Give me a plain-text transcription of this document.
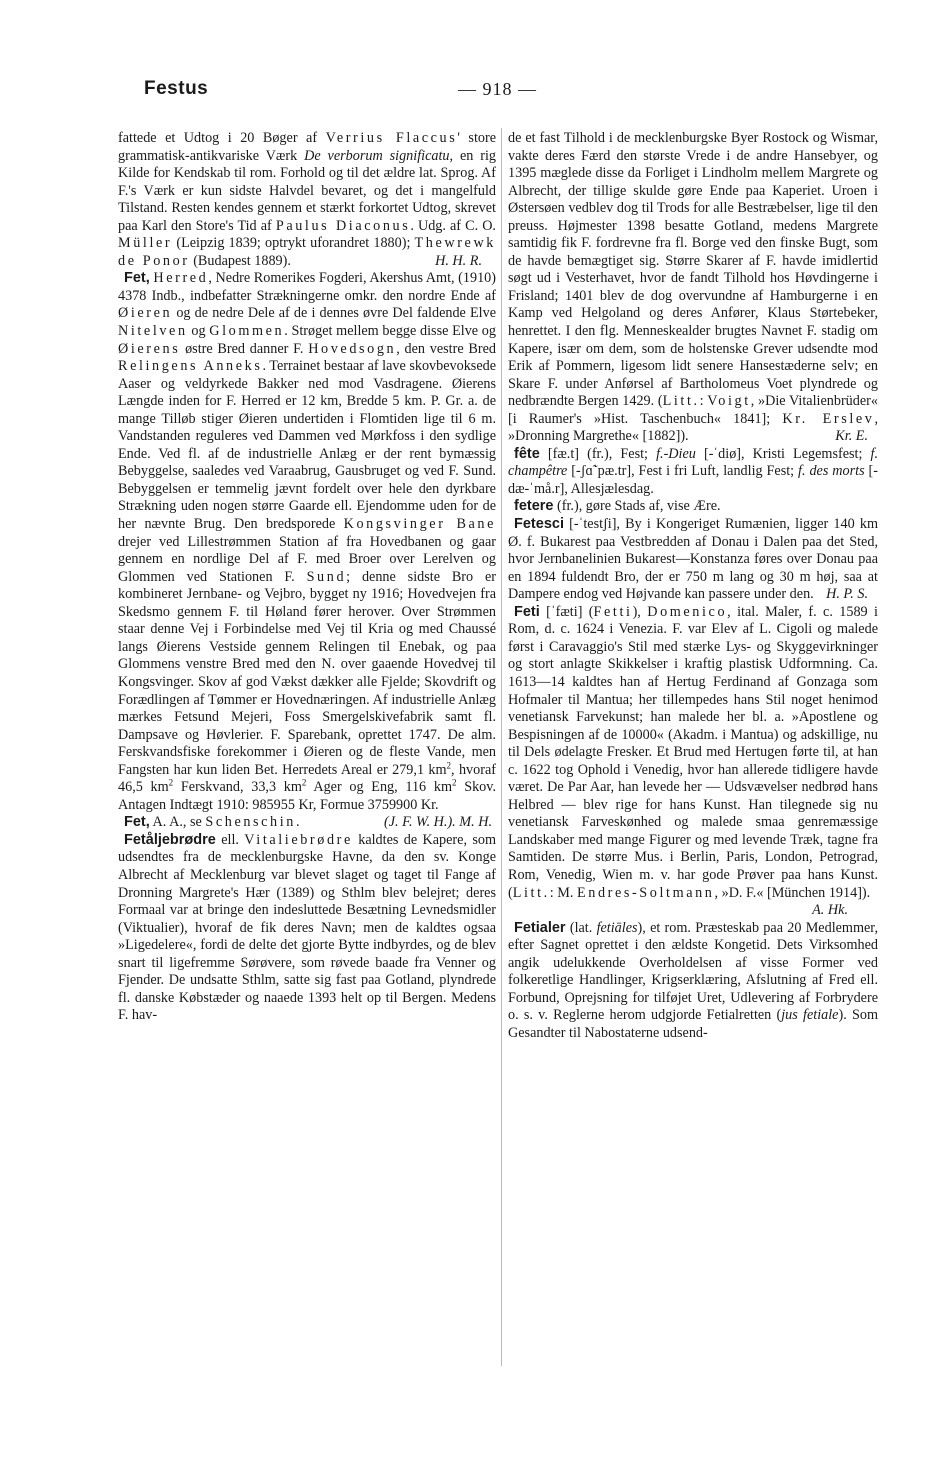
Festus	— 918 —

fattede et Udtog i 20 Bøger af Verrius Flaccus' store grammatisk-antikvariske Værk De verborum significatu, en rig Kilde for Kendskab til rom. Forhold og til det ældre lat. Sprog. Af F.'s Værk er kun sidste Halvdel bevaret, og det i mangelfuld Tilstand. Resten kendes gennem et stærkt forkortet Udtog, skrevet paa Karl den Store's Tid af Paulus Diaconus. Udg. af C. O. Müller (Leipzig 1839; optrykt uforandret 1880); Thewrewk de Ponor (Budapest 1889).	H. H. R.

Fet, Herred, Nedre Romerikes Fogderi, Akershus Amt, (1910) 4378 Indb., indbefatter Strækningerne omkr. den nordre Ende af Øieren og de nedre Dele af de i dennes øvre Del faldende Elve Nitelven og Glommen. Strøget mellem begge disse Elve og Øierens østre Bred danner F. Hovedsogn, den vestre Bred Relingens Anneks. Terrainet bestaar af lave skovbevoksede Aaser og veldyrkede Bakker ned mod Vasdragene. Øierens Længde inden for F. Herred er 12 km, Bredde 5 km. P. Gr. a. de mange Tilløb stiger Øieren undertiden i Flomtiden lige til 6 m. Vandstanden reguleres ved Dammen ved Mørkfoss i den sydlige Ende. Ved fl. af de industrielle Anlæg er der rent bymæssig Bebyggelse, saaledes ved Varaabrug, Gausbruget og ved F. Sund. Bebyggelsen er temmelig jævnt fordelt over hele den dyrkbare Strækning uden nogen større Gaarde ell. Ejendomme uden for de her nævnte Brug. Den bredsporede Kongsvinger Bane drejer ved Lillestrømmen Station af fra Hovedbanen og gaar gennem en nordlige Del af F. med Broer over Lerelven og Glommen ved Stationen F. Sund; denne sidste Bro er kombineret Jernbane- og Vejbro, bygget ny 1916; Hovedvejen fra Skedsmo gennem F. til Høland fører herover. Over Strømmen staar denne Vej i Forbindelse med Vej til Kria og med Chaussé langs Øierens Vestside gennem Relingen til Enebak, og paa Glommens venstre Bred med den N. over gaaende Hovedvej til Kongsvinger. Skov af god Vækst dækker alle Fjelde; Skovdrift og Forædlingen af Tømmer er Hovednæringen. Af industrielle Anlæg mærkes Fetsund Mejeri, Foss Smergelskivefabrik samt fl. Dampsave og Høvlerier. F. Sparebank, oprettet 1747. De alm. Ferskvandsfiske forekommer i Øieren og de fleste Vande, men Fangsten har kun liden Bet. Herredets Areal er 279,1 $km^2$, hvoraf 46,5 $km^2$ Ferskvand, 33,3 $km^2$ Ager og Eng, 116 $km^2$ Skov. Antagen Indtægt 1910: 985955 Kr, Formue 3759900 Kr.
(J. F. W. H.). M. H.

Fet, A. A., se Schenschin.

Fetåljebrødre ell. Vitaliebrødre kaldtes de Kapere, som udsendtes fra de mecklenburgske Havne, da den sv. Konge Albrecht af Mecklenburg var blevet slaget og taget til Fange af Dronning Margrete's Hær (1389) og Sthlm blev belejret; deres Formaal var at bringe den indesluttede Besætning Levnedsmidler (Viktualier), hvoraf de fik deres Navn; men de kaldtes ogsaa »Ligedelere«, fordi de delte det gjorte Bytte indbyrdes, og de blev snart til ligefremme Sørøvere, som røvede baade fra Venner og Fjender. De undsatte Sthlm, satte sig fast paa Gotland, plyndrede fl. danske Købstæder og naaede 1393 helt op til Bergen. Medens F. hav-

de et fast Tilhold i de mecklenburgske Byer Rostock og Wismar, vakte deres Færd den største Vrede i de andre Hansebyer, og 1395 mæglede disse da Forliget i Lindholm mellem Margrete og Albrecht, der tillige skulde gøre Ende paa Kaperiet. Uroen i Østersøen vedblev dog til Trods for alle Bestræbelser, lige til den preuss. Højmester 1398 besatte Gotland, medens Margrete samtidig fik F. fordrevne fra fl. Borge ved den finske Bugt, som de havde bemægtiget sig. Større Skarer af F. havde imidlertid søgt ud i Vesterhavet, hvor de fandt Tilhold hos Høvdingerne i Frisland; 1401 blev de dog overvundne af Hamburgerne i en Kamp ved Helgoland og deres Anfører, Klaus Størtebeker, henrettet. I den flg. Menneskealder brugtes Navnet F. stadig om Kapere, især om dem, som de holstenske Grever udsendte mod Erik af Pommern, ligesom lidt senere Hansestæderne selv; en Skare F. under Anførsel af Bartholomeus Voet plyndrede og nedbrændte Bergen 1429. (Litt.: Voigt, »Die Vitalienbrüder« [i Raumer's »Hist. Taschenbuch« 1841]; Kr. Erslev, »Dronning Margrethe« [1882]).	Kr. E.

fête [fæ.t] (fr.), Fest; f.-Dieu [-ˈdiø], Kristi Legemsfest; f. champêtre [-ʃɑ̃ˈpæ.tr], Fest i fri Luft, landlig Fest; f. des morts [-dæ-ˈmå.r], Allesjælesdag.

fetere (fr.), gøre Stads af, vise Ære.

Fetesci [-ˈtestʃi], By i Kongeriget Rumænien, ligger 140 km Ø. f. Bukarest paa Vestbredden af Donau i Dalen paa det Sted, hvor Jernbanelinien Bukarest—Konstanza føres over Donau paa en 1894 fuldendt Bro, der er 750 m lang og 30 m høj, saa at Dampere endog ved Højvande kan passere under den. H. P. S.

Feti [ˈfæti] (Fetti), Domenico, ital. Maler, f. c. 1589 i Rom, d. c. 1624 i Venezia. F. var Elev af L. Cigoli og malede først i Caravaggio's Stil med stærke Lys- og Skyggevirkninger og stort anlagte Skikkelser i kraftig plastisk Udformning. Ca. 1613—14 kaldtes han af Hertug Ferdinand af Gonzaga som Hofmaler til Mantua; her tillempedes hans Stil noget henimod venetiansk Farvekunst; han malede her bl. a. »Apostlene og Bespisningen af de 10000« (Akadm. i Mantua) og adskillige, nu til Dels ødelagte Fresker. Et Brud med Hertugen førte til, at han c. 1622 tog Ophold i Venedig, hvor han allerede tidligere havde været. De Par Aar, han levede her — Udsvævelser nedbrød hans Helbred — blev rige for hans Kunst. Han tilegnede sig nu venetiansk Farveskønhed og malede smaa genremæssige Landskaber med mange Figurer og med levende Træk, tagne fra Samtiden. De større Mus. i Berlin, Paris, London, Petrograd, Rom, Venedig, Wien m. v. har gode Prøver paa hans Kunst. (Litt.: M. Endres-Soltmann, »D. F.« [München 1914]).
A. Hk.

Fetialer (lat. fetiāles), et rom. Præsteskab paa 20 Medlemmer, efter Sagnet oprettet i den ældste Kongetid. Dets Virksomhed angik udelukkende Overholdelsen af visse Former ved folkeretlige Handlinger, Krigserklæring, Afslutning af Fred ell. Forbund, Oprejsning for tilføjet Uret, Udlevering af Forbrydere o. s. v. Reglerne herom udgjorde Fetialretten (jus fetiale). Som Gesandter til Nabostaterne udsend-
